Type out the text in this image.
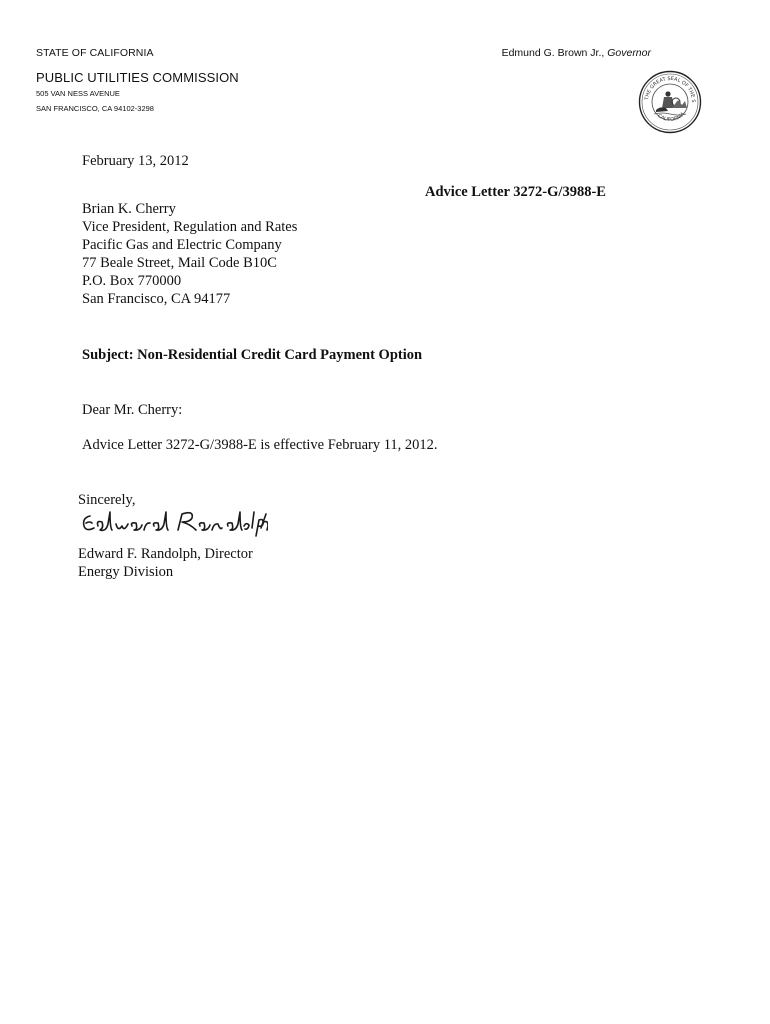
STATE OF CALIFORNIA	Edmund G. Brown Jr., Governor
PUBLIC UTILITIES COMMISSION
505 VAN NESS AVENUE
SAN FRANCISCO, CA 94102-3298
THE GREAT SEAL OF THE S
CALIFORNIA
February 13, 2012
Advice Letter 3272-G/3988-E
Brian K. Cherry
Vice President, Regulation and Rates
Pacific Gas and Electric Company
77 Beale Street, Mail Code B10C
P.O. Box 770000
San Francisco, CA 94177
Subject: Non-Residential Credit Card Payment Option
Dear Mr. Cherry:
Advice Letter 3272-G/3988-E is effective February 11, 2012.
Sincerely,
Edward F. Randolph, Director
Energy Division
